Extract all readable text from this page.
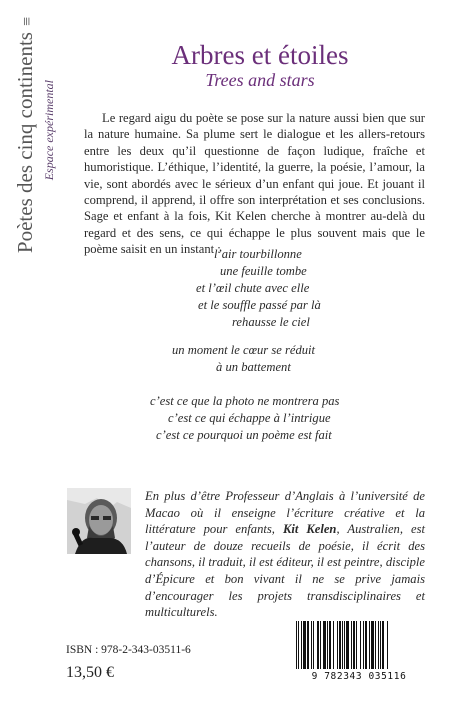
Poètes des cinq continents≡
Espace expérimental
Arbres et étoiles
Trees and stars

Le regard aigu du poète se pose sur la nature aussi bien que sur la nature humaine. Sa plume sert le dialogue et les allers-retours entre les deux qu’il questionne de façon ludique, fraîche et humoristique. L’éthique, l’identité, la guerre, la poésie, l’amour, la vie, sont abordés avec le sérieux d’un enfant qui joue. Et jouant il comprend, il apprend, il offre son interprétation et ses conclusions. Sage et enfant à la fois, Kit Kelen cherche à montrer au-delà du regard et des sens, ce qui échappe le plus souvent mais que le poème saisit en un instant :

l’air tourbillonne
une feuille tombe
et l’œil chute avec elle
et le souffle passé par là
rehausse le ciel
un moment le cœur se réduit
à un battement
c’est ce que la photo ne montrera pas
c’est ce qui échappe à l’intrigue
c’est ce pourquoi un poème est fait

En plus d’être Professeur d’Anglais à l’université de Macao où il enseigne l’écriture créative et la littérature pour enfants, Kit Kelen, Australien, est l’auteur de douze recueils de poésie, il écrit des chansons, il traduit, il est éditeur, il est peintre, disciple d’Épicure et bon vivant il ne se prive jamais d’encourager les projets transdisciplinaires et multiculturels.

ISBN : 978-2-343-03511-6
13,50 €	9 782343 035116
